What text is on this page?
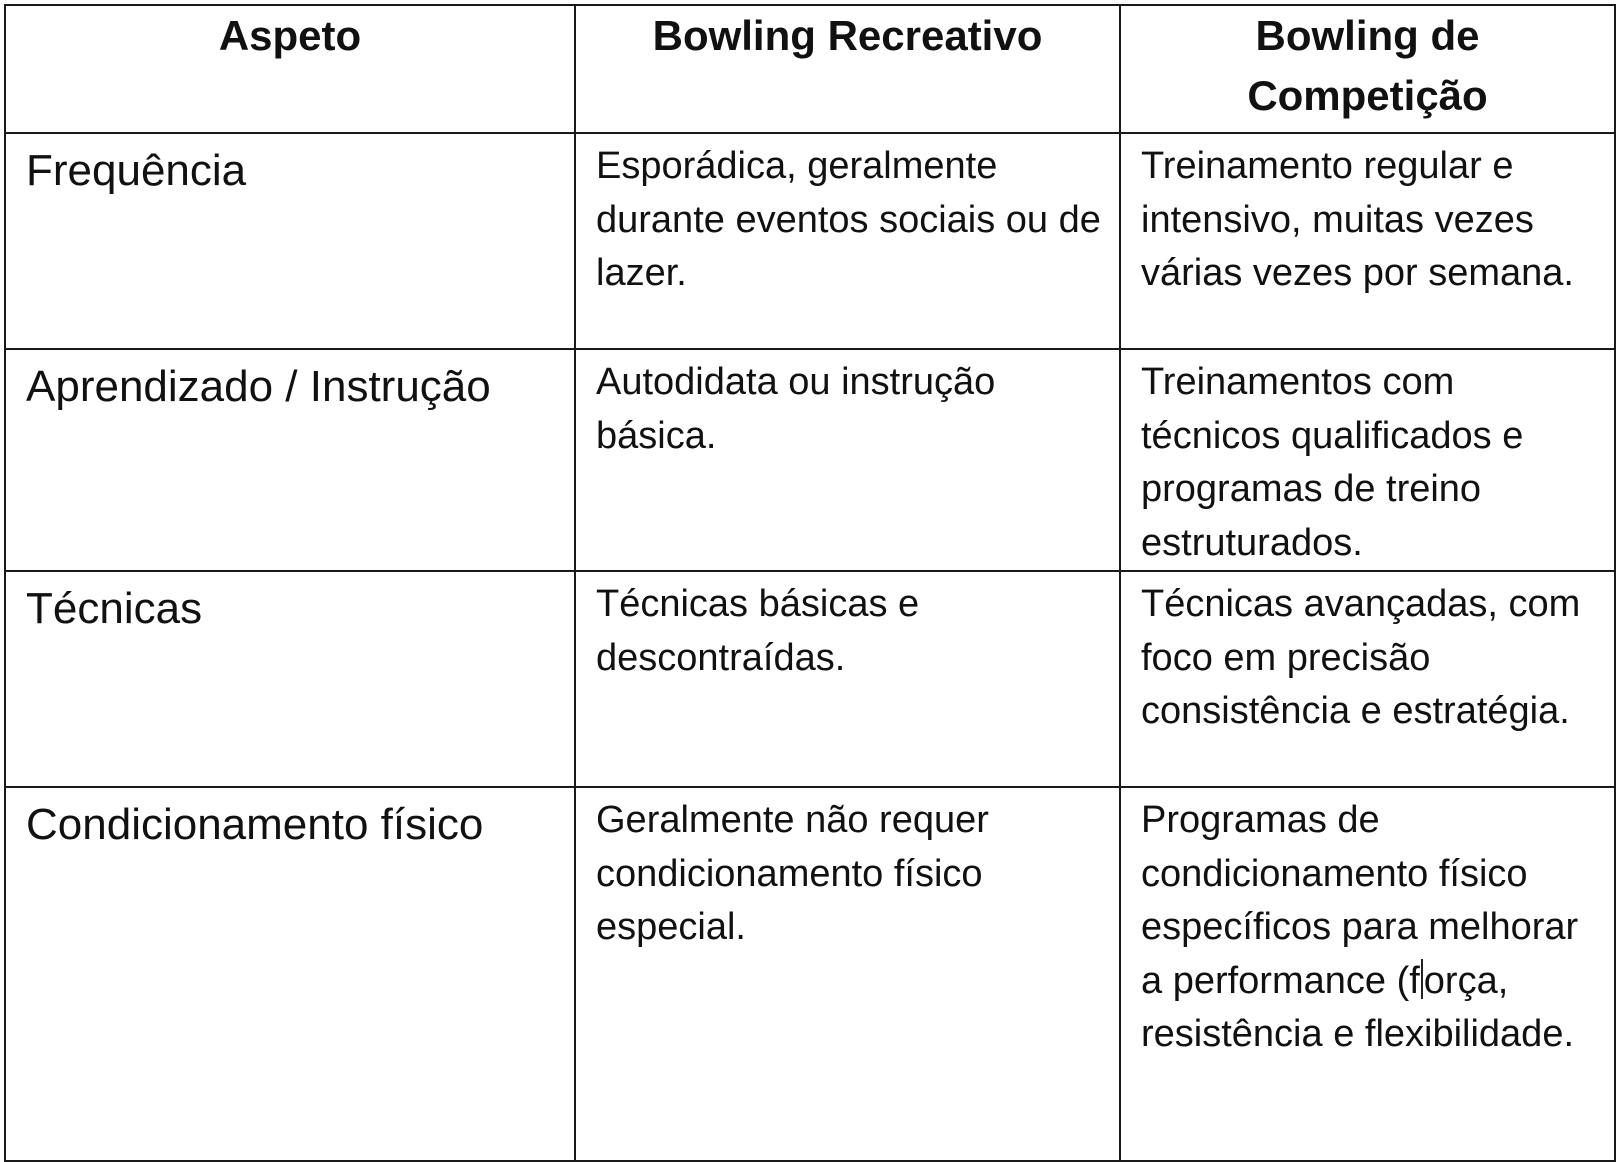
Aspeto	Bowling Recreativo	Bowling de Competição

Frequência	Esporádica, geralmente durante eventos sociais ou de lazer.	Treinamento regular e intensivo, muitas vezes várias vezes por semana.

Aprendizado / Instrução	Autodidata ou instrução básica.	Treinamentos com técnicos qualificados e programas de treino estruturados.

Técnicas	Técnicas básicas e descontraídas.	Técnicas avançadas, com foco em precisão consistência e estratégia.

Condicionamento físico	Geralmente não requer condicionamento físico especial.	Programas de condicionamento físico específicos para melhorar a performance (f orça, resistência e flexibilidade.
